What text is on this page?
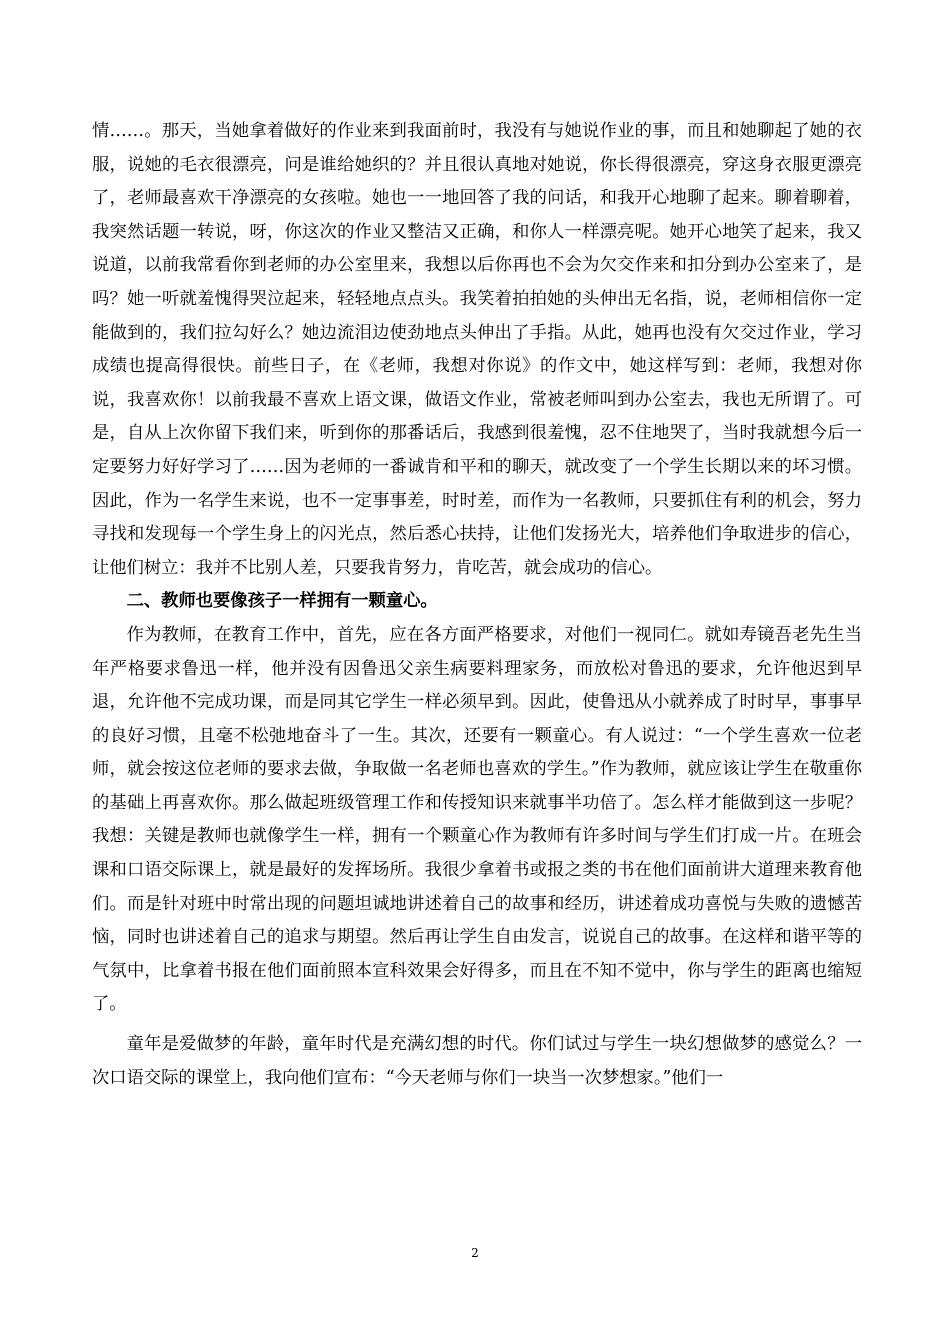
情……。那天，当她拿着做好的作业来到我面前时，我没有与她说作业的事，而且和她聊起了她的衣服，说她的毛衣很漂亮，问是谁给她织的？并且很认真地对她说，你长得很漂亮，穿这身衣服更漂亮了，老师最喜欢干净漂亮的女孩啦。她也一一地回答了我的问话，和我开心地聊了起来。聊着聊着，我突然话题一转说，呀，你这次的作业又整洁又正确，和你人一样漂亮呢。她开心地笑了起来，我又说道，以前我常看你到老师的办公室里来，我想以后你再也不会为欠交作来和扣分到办公室来了，是吗？她一听就羞愧得哭泣起来，轻轻地点点头。我笑着拍拍她的头伸出无名指，说，老师相信你一定能做到的，我们拉勾好么？她边流泪边使劲地点头伸出了手指。从此，她再也没有欠交过作业，学习成绩也提高得很快。前些日子，在《老师，我想对你说》的作文中，她这样写到：老师，我想对你说，我喜欢你！以前我最不喜欢上语文课，做语文作业，常被老师叫到办公室去，我也无所谓了。可是，自从上次你留下我们来，听到你的那番话后，我感到很羞愧，忍不住地哭了，当时我就想今后一定要努力好好学习了……因为老师的一番诚肯和平和的聊天，就改变了一个学生长期以来的坏习惯。因此，作为一名学生来说，也不一定事事差，时时差，而作为一名教师，只要抓住有利的机会，努力寻找和发现每一个学生身上的闪光点，然后悉心扶持，让他们发扬光大，培养他们争取进步的信心，让他们树立：我并不比别人差，只要我肯努力，肯吃苦，就会成功的信心。

二、教师也要像孩子一样拥有一颗童心。

作为教师，在教育工作中，首先，应在各方面严格要求，对他们一视同仁。就如寿镜吾老先生当年严格要求鲁迅一样，他并没有因鲁迅父亲生病要料理家务，而放松对鲁迅的要求，允许他迟到早退，允许他不完成功课，而是同其它学生一样必须早到。因此，使鲁迅从小就养成了时时早，事事早的良好习惯，且毫不松弛地奋斗了一生。其次，还要有一颗童心。有人说过：“一个学生喜欢一位老师，就会按这位老师的要求去做，争取做一名老师也喜欢的学生。”作为教师，就应该让学生在敬重你的基础上再喜欢你。那么做起班级管理工作和传授知识来就事半功倍了。怎么样才能做到这一步呢？我想：关键是教师也就像学生一样，拥有一个颗童心作为教师有许多时间与学生们打成一片。在班会课和口语交际课上，就是最好的发挥场所。我很少拿着书或报之类的书在他们面前讲大道理来教育他们。而是针对班中时常出现的问题坦诚地讲述着自己的故事和经历，讲述着成功喜悦与失败的遗憾苦恼，同时也讲述着自己的追求与期望。然后再让学生自由发言，说说自己的故事。在这样和谐平等的气氛中，比拿着书报在他们面前照本宣科效果会好得多，而且在不知不觉中，你与学生的距离也缩短了。

童年是爱做梦的年龄，童年时代是充满幻想的时代。你们试过与学生一块幻想做梦的感觉么？一次口语交际的课堂上，我向他们宣布：“今天老师与你们一块当一次梦想家。”他们一

2
